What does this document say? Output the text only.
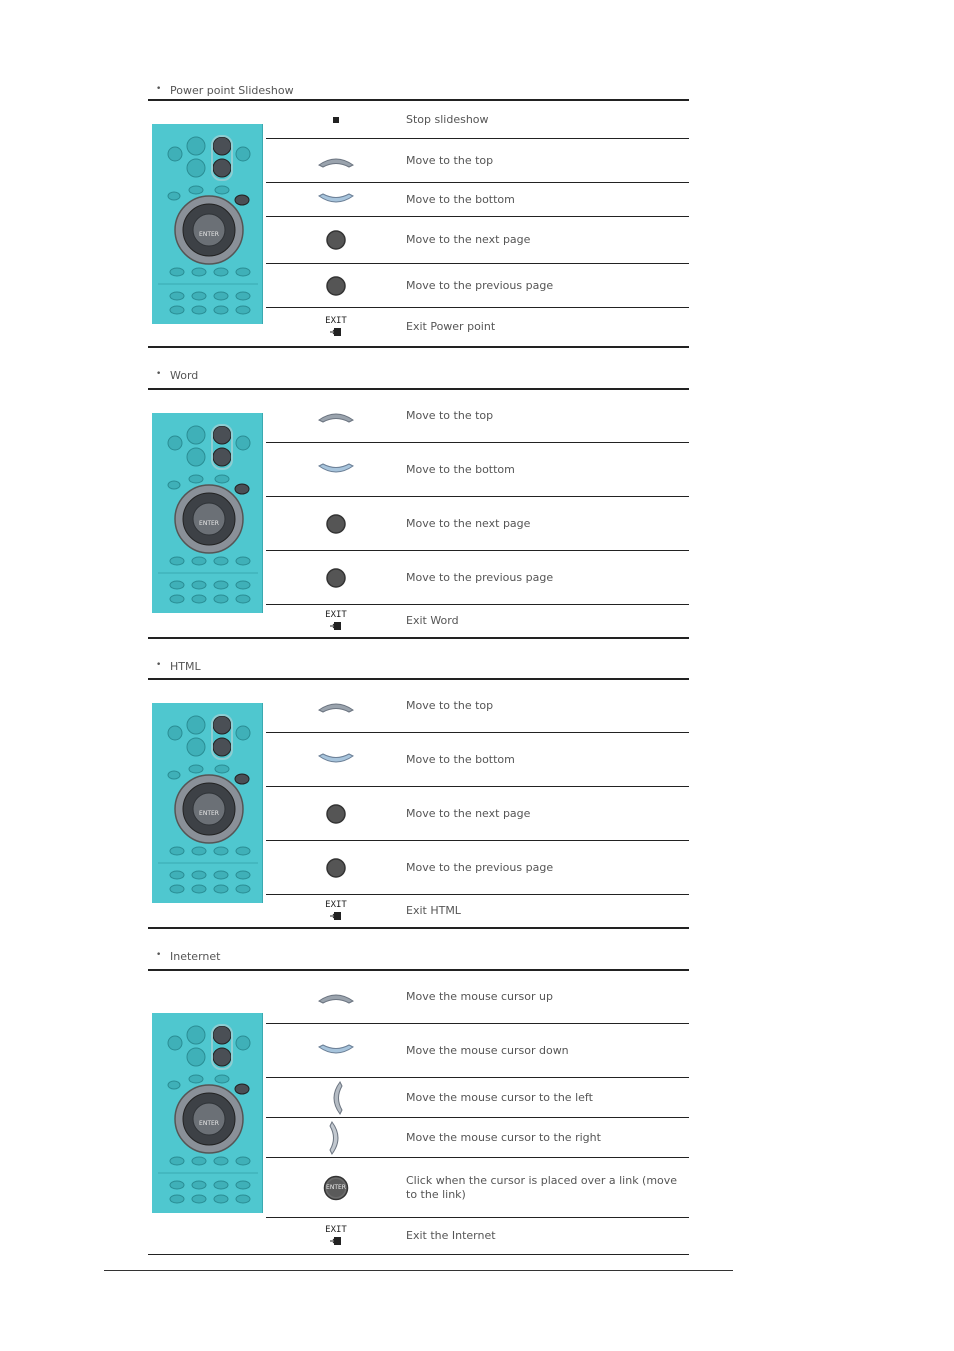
• Power point Slideshow
ENTER
Stop slideshow
Move to the top
Move to the bottom
Move to the next page
Move to the previous page
EXIT	Exit Power point
• Word
ENTER
Move to the top
Move to the bottom
Move to the next page
Move to the previous page
EXIT	Exit Word
• HTML
ENTER
Move to the top
Move to the bottom
Move to the next page
Move to the previous page
EXIT	Exit HTML
• Ineternet
ENTER
Move the mouse cursor up
Move the mouse cursor down
Move the mouse cursor to the left
Move the mouse cursor to the right
ENTER
Click when the cursor is placed over a link (move to the link)
EXIT	Exit the Internet
